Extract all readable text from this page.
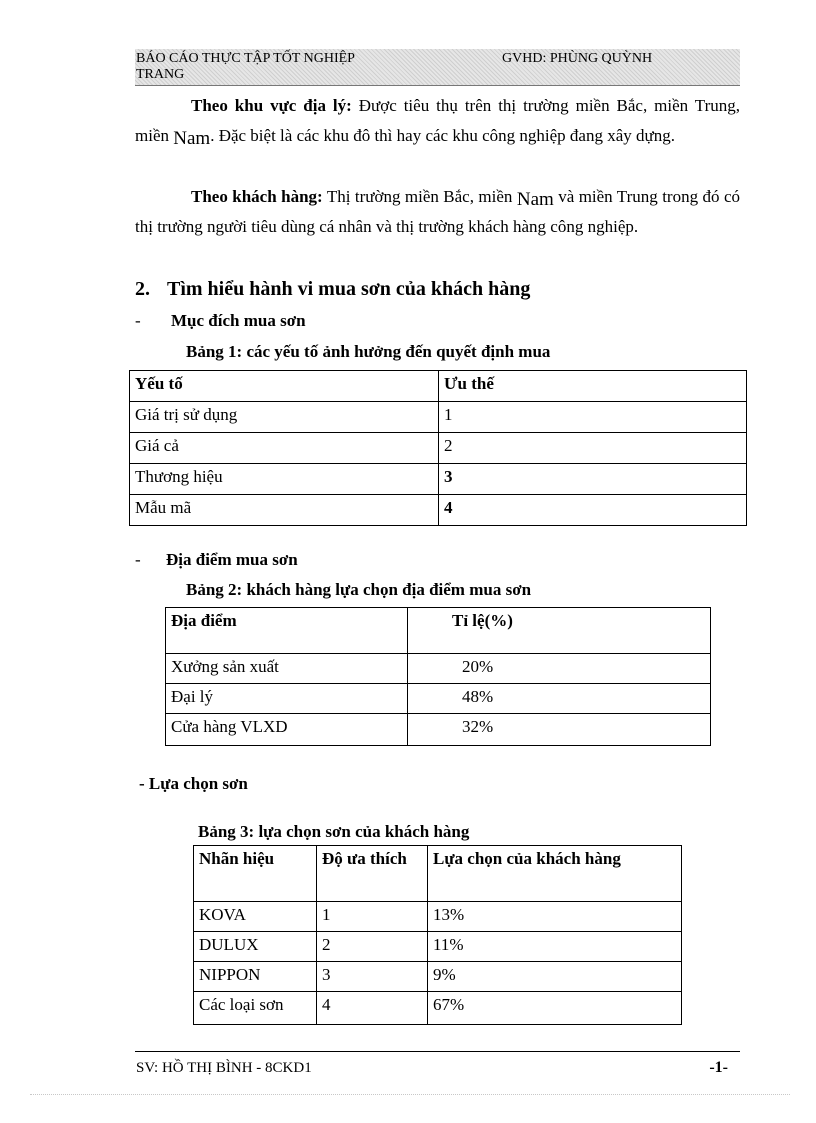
BÁO CÁO THỰC TẬP TỐT NGHIỆP	GVHD: PHÙNG QUỲNH
TRANG

Theo khu vực địa lý: Được tiêu thụ trên thị trường miền Bắc, miền Trung, miền Nam. Đặc biệt là các khu đô thì hay các khu công nghiệp đang xây dựng.

Theo khách hàng: Thị trường miền Bắc, miền Nam và miền Trung trong đó có thị trường người tiêu dùng cá nhân và thị trường khách hàng công nghiệp.

2. Tìm hiểu hành vi mua sơn của khách hàng
- Mục đích mua sơn
Bảng 1: các yếu tố ảnh hưởng đến quyết định mua
Yếu tố	Ưu thế
Giá trị sử dụng	1
Giá cả	2
Thương hiệu	3
Mẫu mã	4
- Địa điểm mua sơn
Bảng 2: khách hàng lựa chọn địa điểm mua sơn
Địa điểm	Tỉ lệ(%)
Xưởng sản xuất	20%
Đại lý	48%
Cửa hàng VLXD	32%
- Lựa chọn sơn
Bảng 3: lựa chọn sơn của khách hàng
Nhãn hiệu	Độ ưa thích	Lựa chọn của khách hàng
KOVA	1	13%
DULUX	2	11%
NIPPON	3	9%
Các loại sơn	4	67%
SV: HỒ THỊ BÌNH - 8CKD1	-1-
